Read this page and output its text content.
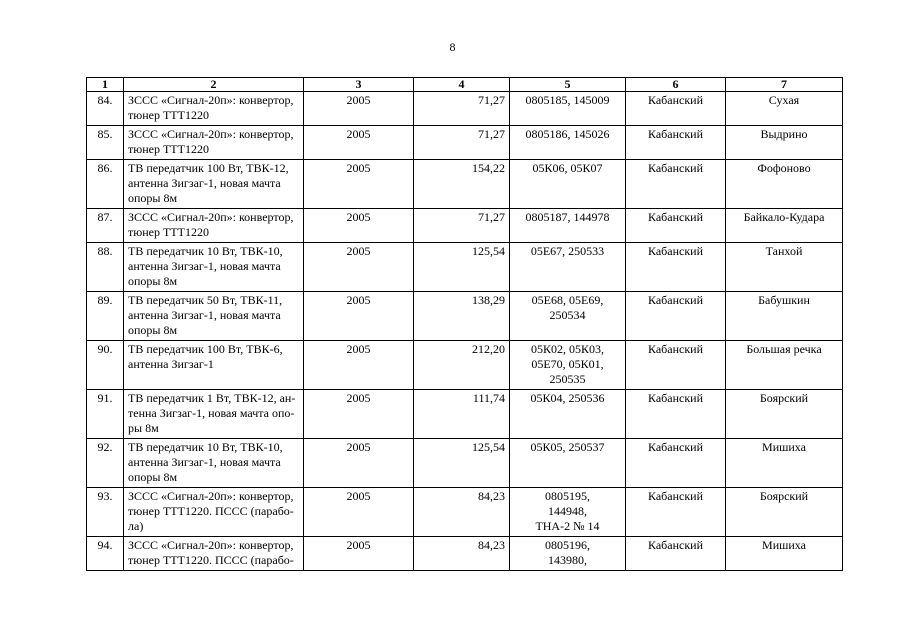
8
1	2	3	4	5	6	7
84.	ЗССС «Сигнал-20п»: конвертор,
тюнер ТТТ1220	2005	71,27	0805185, 145009	Кабанский	Сухая
85.	ЗССС «Сигнал-20п»: конвертор,
тюнер ТТТ1220	2005	71,27	0805186, 145026	Кабанский	Выдрино
86.	ТВ передатчик 100 Вт, ТВК-12,
антенна Зигзаг-1, новая мачта
опоры 8м	2005	154,22	05К06, 05К07	Кабанский	Фофоново
87.	ЗССС «Сигнал-20п»: конвертор,
тюнер ТТТ1220	2005	71,27	0805187, 144978	Кабанский	Байкало-Кудара
88.	ТВ передатчик 10 Вт, ТВК-10,
антенна Зигзаг-1, новая мачта
опоры 8м	2005	125,54	05Е67, 250533	Кабанский	Танхой
89.	ТВ передатчик 50 Вт, ТВК-11,
антенна Зигзаг-1, новая мачта
опоры 8м	2005	138,29	05Е68, 05Е69,
250534	Кабанский	Бабушкин
90.	ТВ передатчик 100 Вт, ТВК-6,
антенна Зигзаг-1	2005	212,20	05К02, 05К03,
05Е70, 05К01,
250535	Кабанский	Большая речка
91.	ТВ передатчик 1 Вт, ТВК-12, ан-
тенна Зигзаг-1, новая мачта опо-
ры 8м	2005	111,74	05К04, 250536	Кабанский	Боярский
92.	ТВ передатчик 10 Вт, ТВК-10,
антенна Зигзаг-1, новая мачта
опоры 8м	2005	125,54	05К05, 250537	Кабанский	Мишиха
93.	ЗССС «Сигнал-20п»: конвертор,
тюнер ТТТ1220. ПССС (парабо-
ла)	2005	84,23	0805195,
144948,
ТНА-2 № 14	Кабанский	Боярский
94.	ЗССС «Сигнал-20п»: конвертор,
тюнер ТТТ1220. ПССС (парабо-	2005	84,23	0805196,
143980,	Кабанский	Мишиха
